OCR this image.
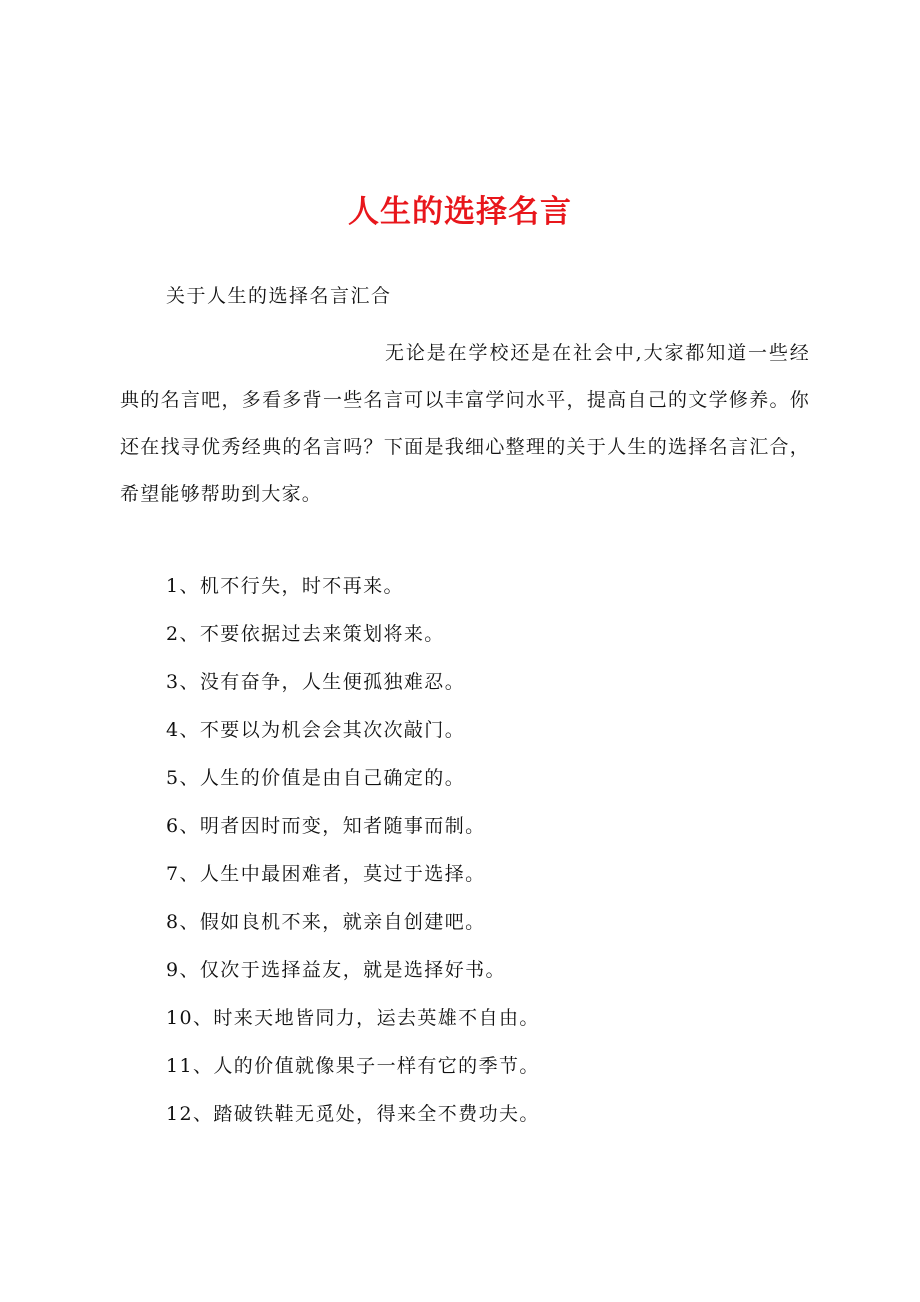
人生的选择名言
关于人生的选择名言汇合

无论是在学校还是在社会中,大家都知道一些经典的名言吧，多看多背一些名言可以丰富学问水平，提高自己的文学修养。你还在找寻优秀经典的名言吗？下面是我细心整理的关于人生的选择名言汇合，希望能够帮助到大家。

1、机不行失，时不再来。
2、不要依据过去来策划将来。
3、没有奋争，人生便孤独难忍。
4、不要以为机会会其次次敲门。
5、人生的价值是由自己确定的。
6、明者因时而变，知者随事而制。
7、人生中最困难者，莫过于选择。
8、假如良机不来，就亲自创建吧。
9、仅次于选择益友，就是选择好书。
10、时来天地皆同力，运去英雄不自由。
11、人的价值就像果子一样有它的季节。
12、踏破铁鞋无觅处，得来全不费功夫。
